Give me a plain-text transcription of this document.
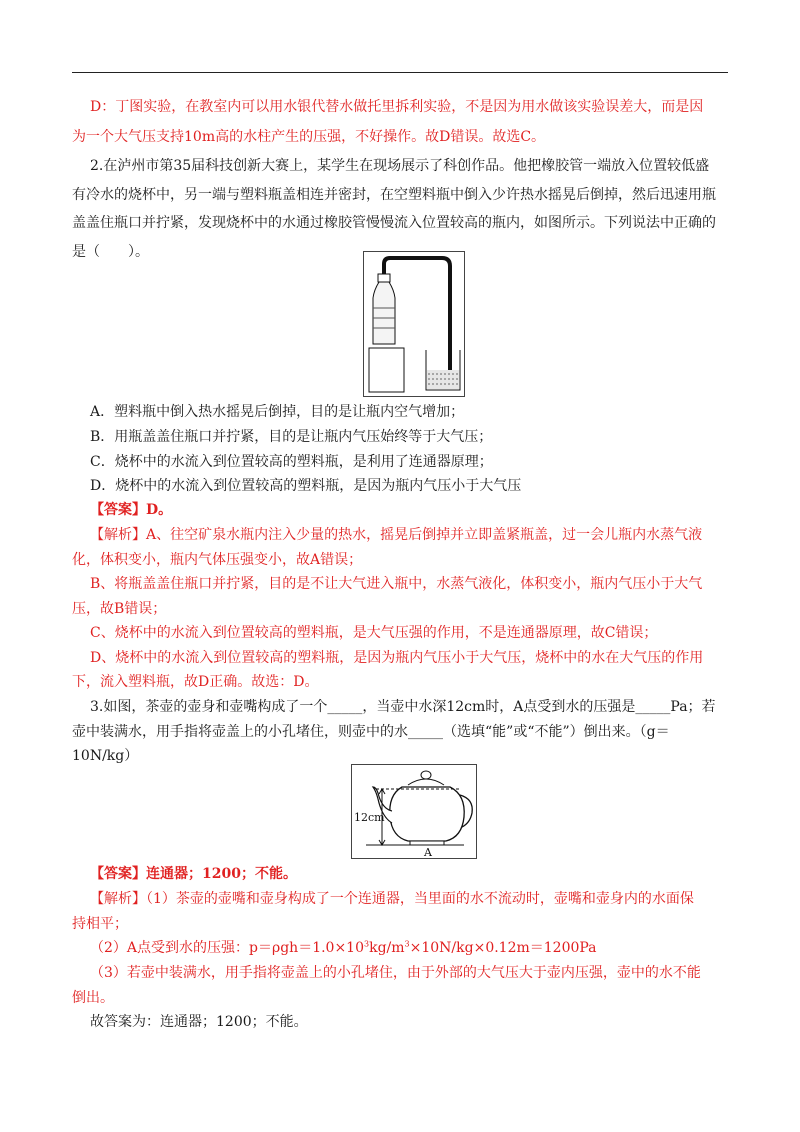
D：丁图实验，在教室内可以用水银代替水做托里拆利实验，不是因为用水做该实验误差大，而是因
为一个大气压支持10m高的水柱产生的压强，不好操作。故D错误。故选C。
2.在泸州市第35届科技创新大赛上，某学生在现场展示了科创作品。他把橡胶管一端放入位置较低盛
有冷水的烧杯中，另一端与塑料瓶盖相连并密封，在空塑料瓶中倒入少许热水摇晃后倒掉，然后迅速用瓶
盖盖住瓶口并拧紧，发现烧杯中的水通过橡胶管慢慢流入位置较高的瓶内，如图所示。下列说法中正确的
是（　　）。
A．塑料瓶中倒入热水摇晃后倒掉，目的是让瓶内空气增加；
B．用瓶盖盖住瓶口并拧紧，目的是让瓶内气压始终等于大气压；
C．烧杯中的水流入到位置较高的塑料瓶，是利用了连通器原理；
D．烧杯中的水流入到位置较高的塑料瓶，是因为瓶内气压小于大气压
【答案】D。
【解析】A、往空矿泉水瓶内注入少量的热水，摇晃后倒掉并立即盖紧瓶盖，过一会儿瓶内水蒸气液
化，体积变小，瓶内气体压强变小，故A错误；
B、将瓶盖盖住瓶口并拧紧，目的是不让大气进入瓶中，水蒸气液化，体积变小，瓶内气压小于大气
压，故B错误；
C、烧杯中的水流入到位置较高的塑料瓶，是大气压强的作用，不是连通器原理，故C错误；
D、烧杯中的水流入到位置较高的塑料瓶，是因为瓶内气压小于大气压，烧杯中的水在大气压的作用
下，流入塑料瓶，故D正确。故选：D。
3.如图，茶壶的壶身和壶嘴构成了一个_____，当壶中水深12cm时，A点受到水的压强是_____Pa；若
壶中装满水，用手指将壶盖上的小孔堵住，则壶中的水_____（选填“能”或“不能”）倒出来。（g＝
10N/kg）
12cm
A
【答案】连通器；1200；不能。
【解析】（1）茶壶的壶嘴和壶身构成了一个连通器，当里面的水不流动时，壶嘴和壶身内的水面保
持相平；
（2）A点受到水的压强：$p=\rho gh=1.0\times 10^3kg/m^3\times 10N/kg\times 0.12m=1200Pa$
（3）若壶中装满水，用手指将壶盖上的小孔堵住，由于外部的大气压大于壶内压强，壶中的水不能
倒出。
故答案为：连通器；1200；不能。
